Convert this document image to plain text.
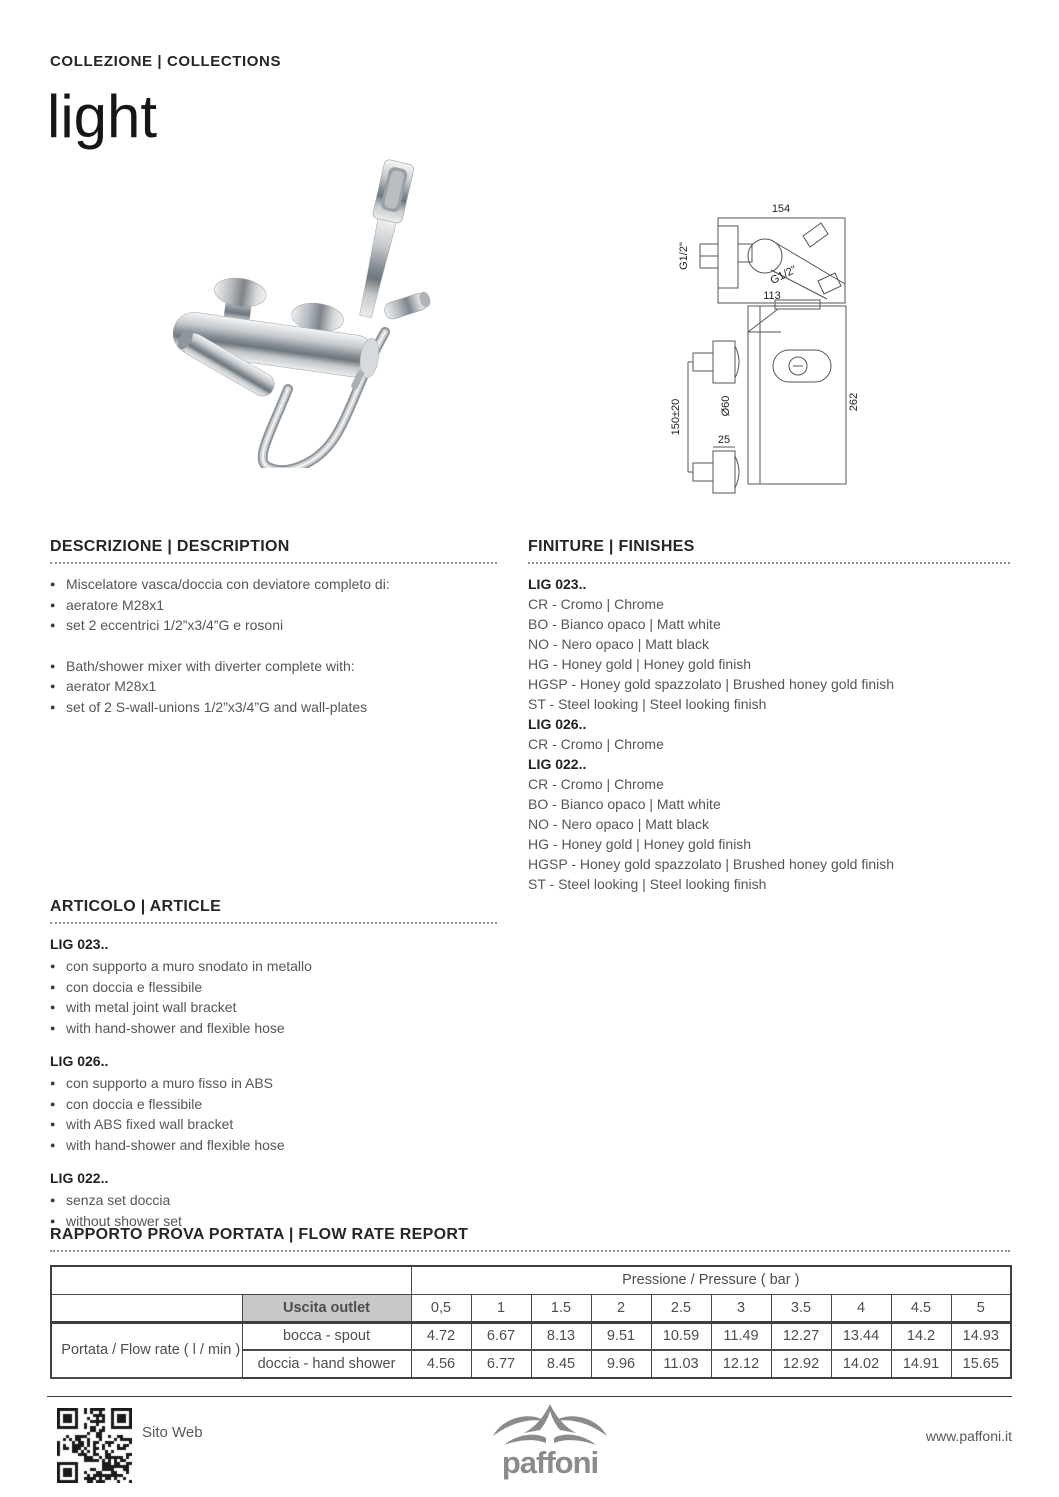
COLLEZIONE | COLLECTIONS
light
154
G1/2"
G1/2"
113
150±20	Ø60
25
262
DESCRIZIONE | DESCRIPTION
● Miscelatore vasca/doccia con deviatore completo di:
● aeratore M28x1
● set 2 eccentrici 1/2”x3/4”G e rosoni
● Bath/shower mixer with diverter complete with:
● aerator M28x1
● set of 2 S-wall-unions 1/2”x3/4”G and wall-plates
FINITURE | FINISHES
LIG 023..
CR - Cromo | Chrome
BO - Bianco opaco | Matt white
NO - Nero opaco | Matt black
HG - Honey gold | Honey gold finish
HGSP - Honey gold spazzolato | Brushed honey gold finish
ST - Steel looking | Steel looking finish
LIG 026..
CR - Cromo | Chrome
LIG 022..
CR - Cromo | Chrome
BO - Bianco opaco | Matt white
NO - Nero opaco | Matt black
HG - Honey gold | Honey gold finish
HGSP - Honey gold spazzolato | Brushed honey gold finish
ST - Steel looking | Steel looking finish
ARTICOLO | ARTICLE
LIG 023..
● con supporto a muro snodato in metallo
● con doccia e flessibile
● with metal joint wall bracket
● with hand-shower and flexible hose
LIG 026..
● con supporto a muro fisso in ABS
● con doccia e flessibile
● with ABS fixed wall bracket
● with hand-shower and flexible hose
LIG 022..
● senza set doccia
● without shower set
RAPPORTO PROVA PORTATA | FLOW RATE REPORT
		Pressione / Pressure ( bar )									
	Uscita outlet	0,5	1	1.5	2	2.5	3	3.5	4	4.5	5
Portata / Flow rate ( l / min )	bocca - spout	4.72	6.67	8.13	9.51	10.59	11.49	12.27	13.44	14.2	14.93
	doccia - hand shower	4.56	6.77	8.45	9.96	11.03	12.12	12.92	14.02	14.91	15.65
Sito Web
paffoni
www.paffoni.it
